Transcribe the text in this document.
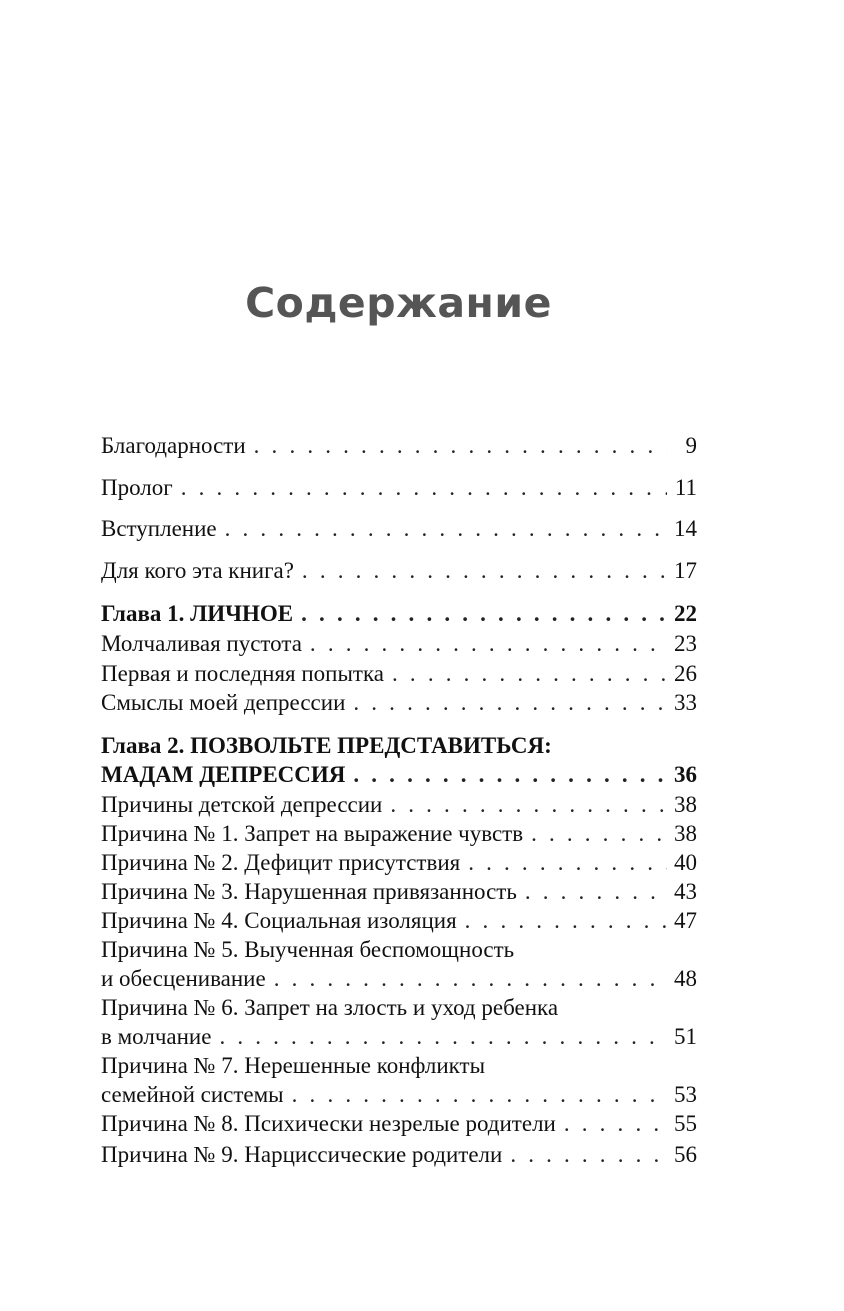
Содержание
Благодарности . . .	9
Пролог . . .	11
Вступление . . .	14
Для кого эта книга? . . .	17
Глава 1. ЛИЧНОЕ . . .	22
Молчаливая пустота . . .	23
Первая и последняя попытка . . .	26
Смыслы моей депрессии . . .	33
Глава 2. ПОЗВОЛЬТЕ ПРЕДСТАВИТЬСЯ:
МАДАМ ДЕПРЕССИЯ . . .	36
Причины детской депрессии . . .	38
Причина № 1. Запрет на выражение чувств . . .	38
Причина № 2. Дефицит присутствия . . .	40
Причина № 3. Нарушенная привязанность . . .	43
Причина № 4. Социальная изоляция . . .	47
Причина № 5. Выученная беспомощность
и обесценивание . . .	48
Причина № 6. Запрет на злость и уход ребенка
в молчание . . .	51
Причина № 7. Нерешенные конфликты
семейной системы . . .	53
Причина № 8. Психически незрелые родители . . .	55
Причина № 9. Нарциссические родители . . .	56
